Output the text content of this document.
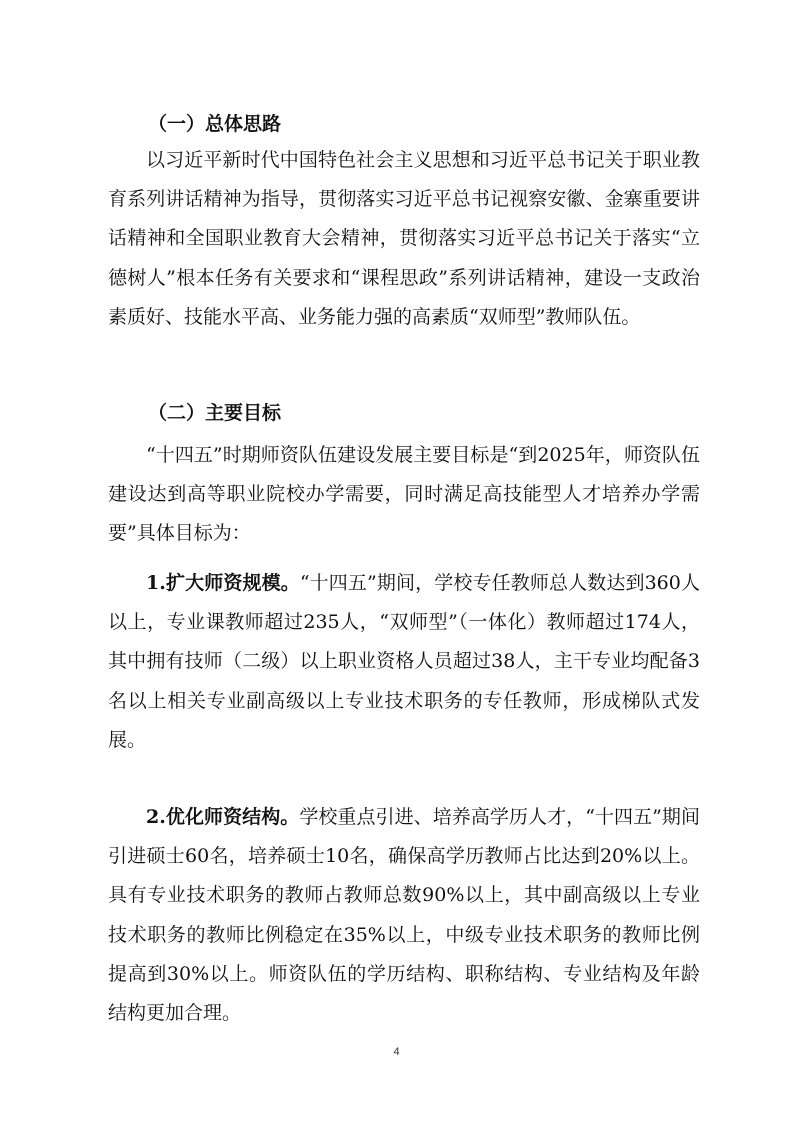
（一）总体思路

以习近平新时代中国特色社会主义思想和习近平总书记关于职业教育系列讲话精神为指导，贯彻落实习近平总书记视察安徽、金寨重要讲话精神和全国职业教育大会精神，贯彻落实习近平总书记关于落实“立德树人”根本任务有关要求和“课程思政”系列讲话精神，建设一支政治素质好、技能水平高、业务能力强的高素质“双师型”教师队伍。

（二）主要目标

“十四五”时期师资队伍建设发展主要目标是“到2025年，师资队伍建设达到高等职业院校办学需要，同时满足高技能型人才培养办学需要”具体目标为：

1.扩大师资规模。“十四五”期间，学校专任教师总人数达到360人以上，专业课教师超过235人，“双师型”（一体化）教师超过174人，其中拥有技师（二级）以上职业资格人员超过38人，主干专业均配备3名以上相关专业副高级以上专业技术职务的专任教师，形成梯队式发展。

2.优化师资结构。学校重点引进、培养高学历人才，“十四五”期间引进硕士60名，培养硕士10名，确保高学历教师占比达到20%以上。具有专业技术职务的教师占教师总数90%以上，其中副高级以上专业技术职务的教师比例稳定在35%以上，中级专业技术职务的教师比例提高到30%以上。师资队伍的学历结构、职称结构、专业结构及年龄结构更加合理。

4
